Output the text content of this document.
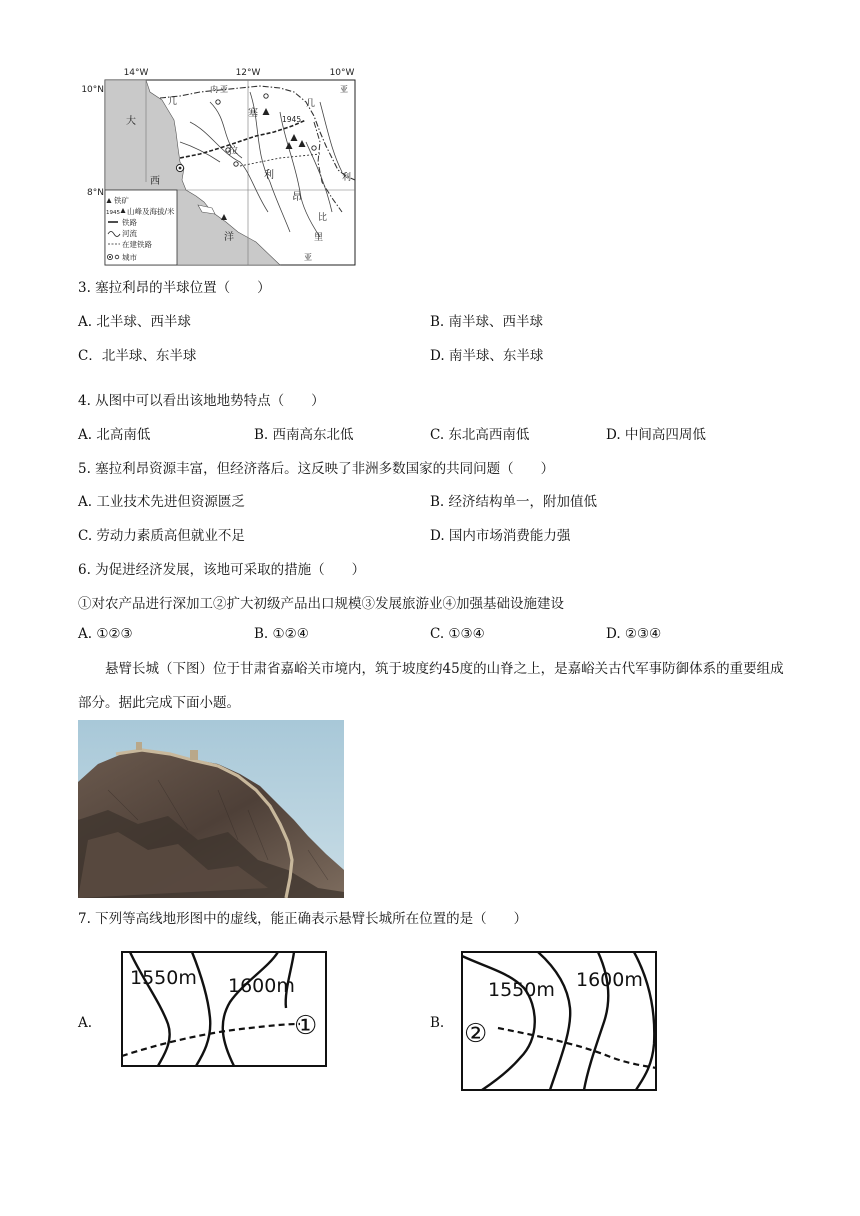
14°W	12°W	10°W
10°N
8°N
1945
几
内 亚
几
亚
大
西
洋
塞
拉
利
昂
利
比
里
亚
铁矿
1945 山峰及海拔/米
铁路
河流
在建铁路
城市
3. 塞拉利昂的半球位置（　　）
A. 北半球、西半球	B. 南半球、西半球
C．北半球、东半球	D. 南半球、东半球
4. 从图中可以看出该地地势特点（　　）
A. 北高南低	B. 西南高东北低	C. 东北高西南低	D. 中间高四周低
5. 塞拉利昂资源丰富，但经济落后。这反映了非洲多数国家的共同问题（　　）
A. 工业技术先进但资源匮乏	B. 经济结构单一，附加值低
C. 劳动力素质高但就业不足	D. 国内市场消费能力强
6. 为促进经济发展，该地可采取的措施（　　）
①对农产品进行深加工②扩大初级产品出口规模③发展旅游业④加强基础设施建设
A. ①②③	B. ①②④	C. ①③④	D. ②③④
悬臂长城（下图）位于甘肃省嘉峪关市境内，筑于坡度约45度的山脊之上，是嘉峪关古代军事防御体系的重要组成部分。据此完成下面小题。
7. 下列等高线地形图中的虚线，能正确表示悬臂长城所在位置的是（　　）
A.
1550m 1600m
①	B.
1550m 1600m
②
